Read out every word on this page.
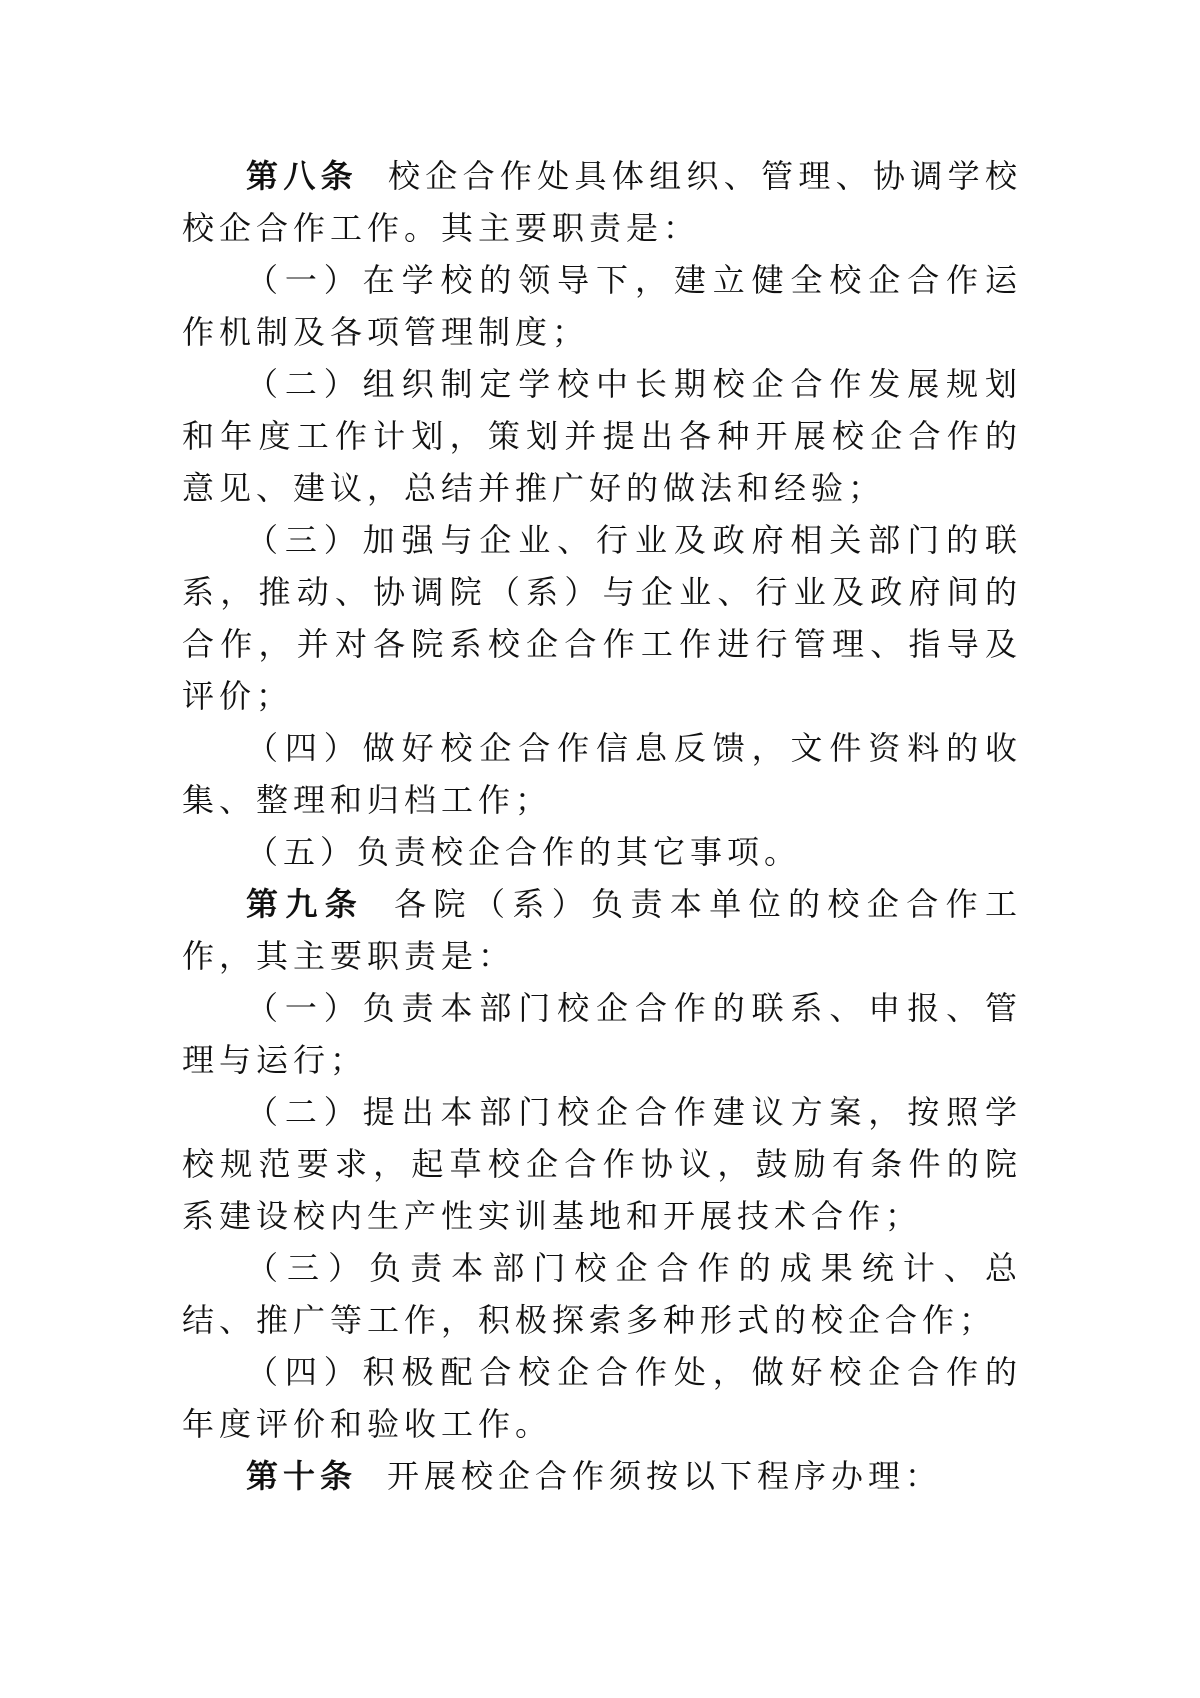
第八条 校企合作处具体组织、管理、协调学校校企合作工作。其主要职责是：

（一）在学校的领导下，建立健全校企合作运作机制及各项管理制度；

（二）组织制定学校中长期校企合作发展规划和年度工作计划，策划并提出各种开展校企合作的意见、建议，总结并推广好的做法和经验；

（三）加强与企业、行业及政府相关部门的联系，推动、协调院（系）与企业、行业及政府间的合作，并对各院系校企合作工作进行管理、指导及评价；

（四）做好校企合作信息反馈，文件资料的收集、整理和归档工作；

（五）负责校企合作的其它事项。

第九条 各院（系）负责本单位的校企合作工作，其主要职责是：

（一）负责本部门校企合作的联系、申报、管理与运行；

（二）提出本部门校企合作建议方案，按照学校规范要求，起草校企合作协议，鼓励有条件的院系建设校内生产性实训基地和开展技术合作；

（三）负责本部门校企合作的成果统计、总结、推广等工作，积极探索多种形式的校企合作；

（四）积极配合校企合作处，做好校企合作的年度评价和验收工作。

第十条 开展校企合作须按以下程序办理：
